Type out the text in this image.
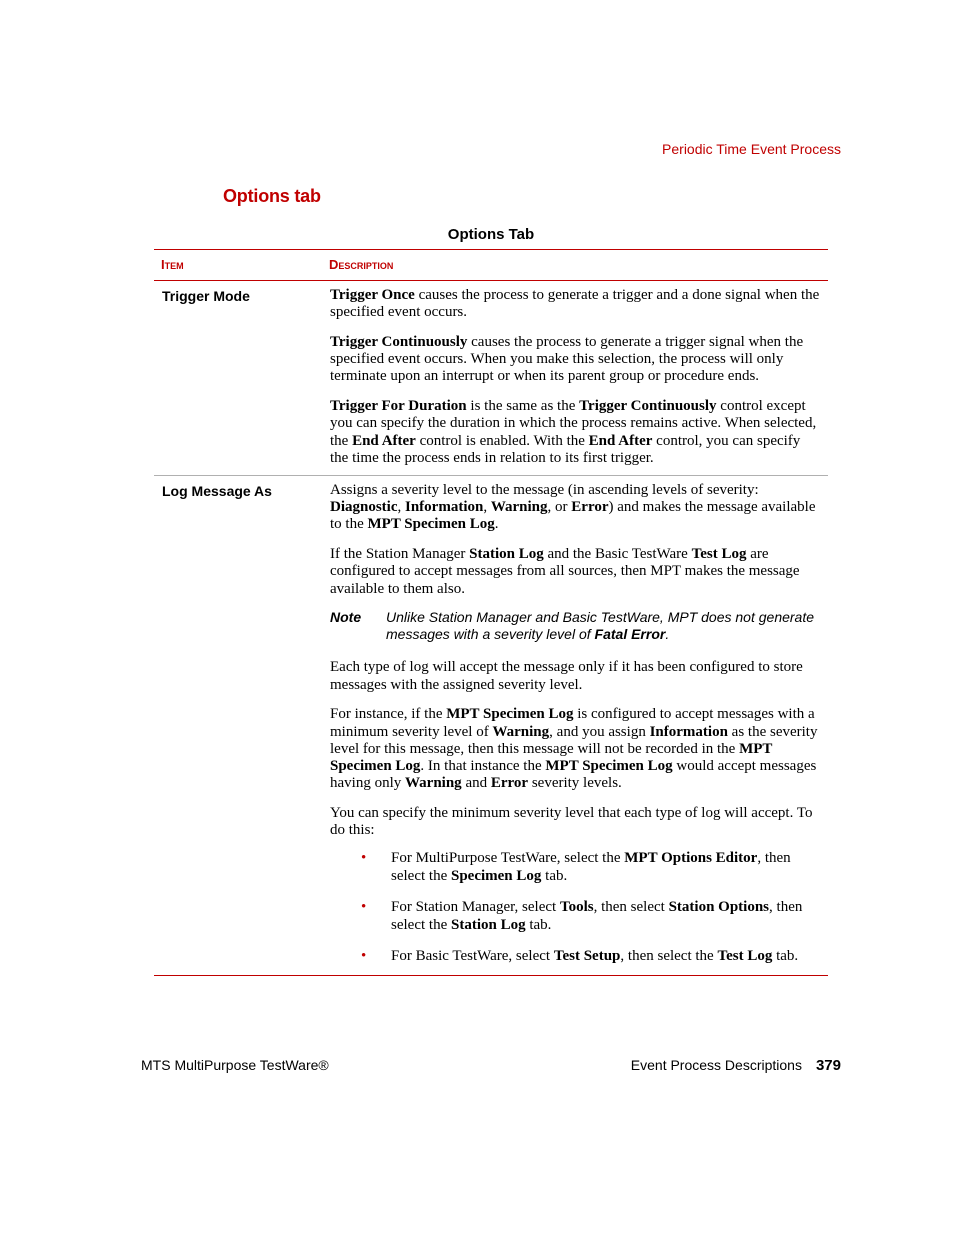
Periodic Time Event Process
Options tab
Options Tab
Item	Description
Trigger Mode	Trigger Once causes the process to generate a trigger and a done signal when the specified event occurs.

Trigger Continuously causes the process to generate a trigger signal when the specified event occurs. When you make this selection, the process will only terminate upon an interrupt or when its parent group or procedure ends.

Trigger For Duration is the same as the Trigger Continuously control except you can specify the duration in which the process remains active. When selected, the End After control is enabled. With the End After control, you can specify the time the process ends in relation to its first trigger.

Log Message As	Assigns a severity level to the message (in ascending levels of severity: Diagnostic, Information, Warning, or Error) and makes the message available to the MPT Specimen Log.

If the Station Manager Station Log and the Basic TestWare Test Log are configured to accept messages from all sources, then MPT makes the message available to them also.

Note	Unlike Station Manager and Basic TestWare, MPT does not generate messages with a severity level of Fatal Error.

Each type of log will accept the message only if it has been configured to store messages with the assigned severity level.

For instance, if the MPT Specimen Log is configured to accept messages with a minimum severity level of Warning, and you assign Information as the severity level for this message, then this message will not be recorded in the MPT Specimen Log. In that instance the MPT Specimen Log would accept messages having only Warning and Error severity levels.

You can specify the minimum severity level that each type of log will accept. To do this:

• For MultiPurpose TestWare, select the MPT Options Editor, then select the Specimen Log tab.
• For Station Manager, select Tools, then select Station Options, then select the Station Log tab.
• For Basic TestWare, select Test Setup, then select the Test Log tab.
MTS MultiPurpose TestWare®	Event Process Descriptions 379
